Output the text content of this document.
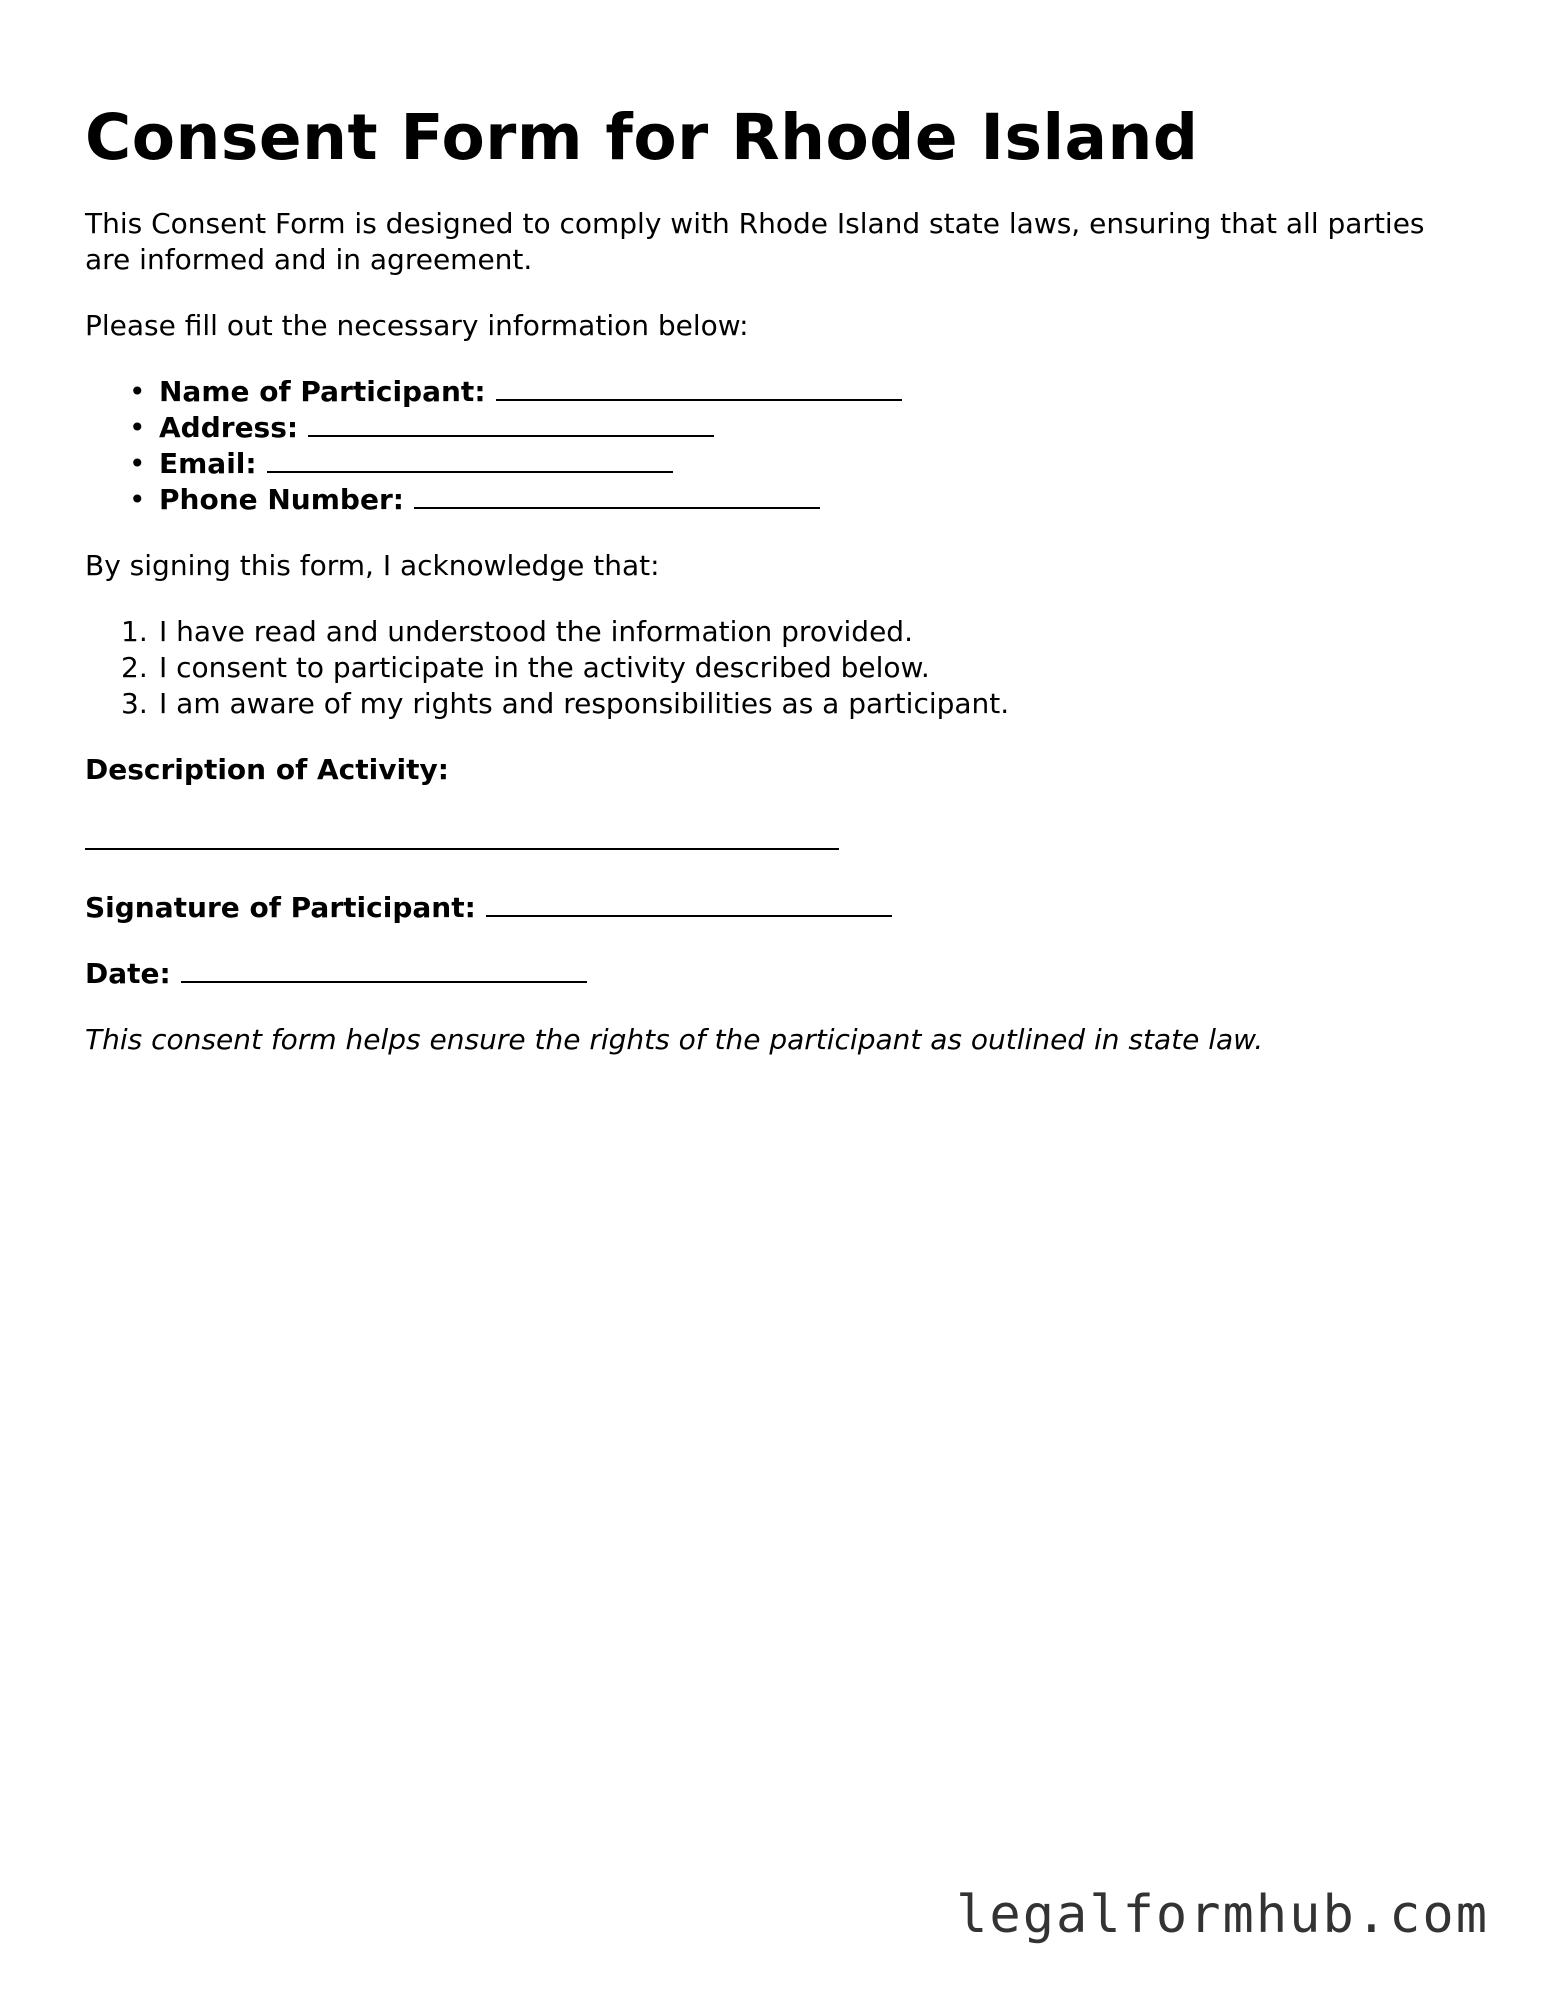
Consent Form for Rhode Island

This Consent Form is designed to comply with Rhode Island state laws, ensuring that all parties are informed and in agreement.

Please fill out the necessary information below:

• Name of Participant:
• Address:
• Email:
• Phone Number:

By signing this form, I acknowledge that:

1. I have read and understood the information provided.
2. I consent to participate in the activity described below.
3. I am aware of my rights and responsibilities as a participant.

Description of Activity:

Signature of Participant:

Date:

This consent form helps ensure the rights of the participant as outlined in state law.

legalformhub.com
